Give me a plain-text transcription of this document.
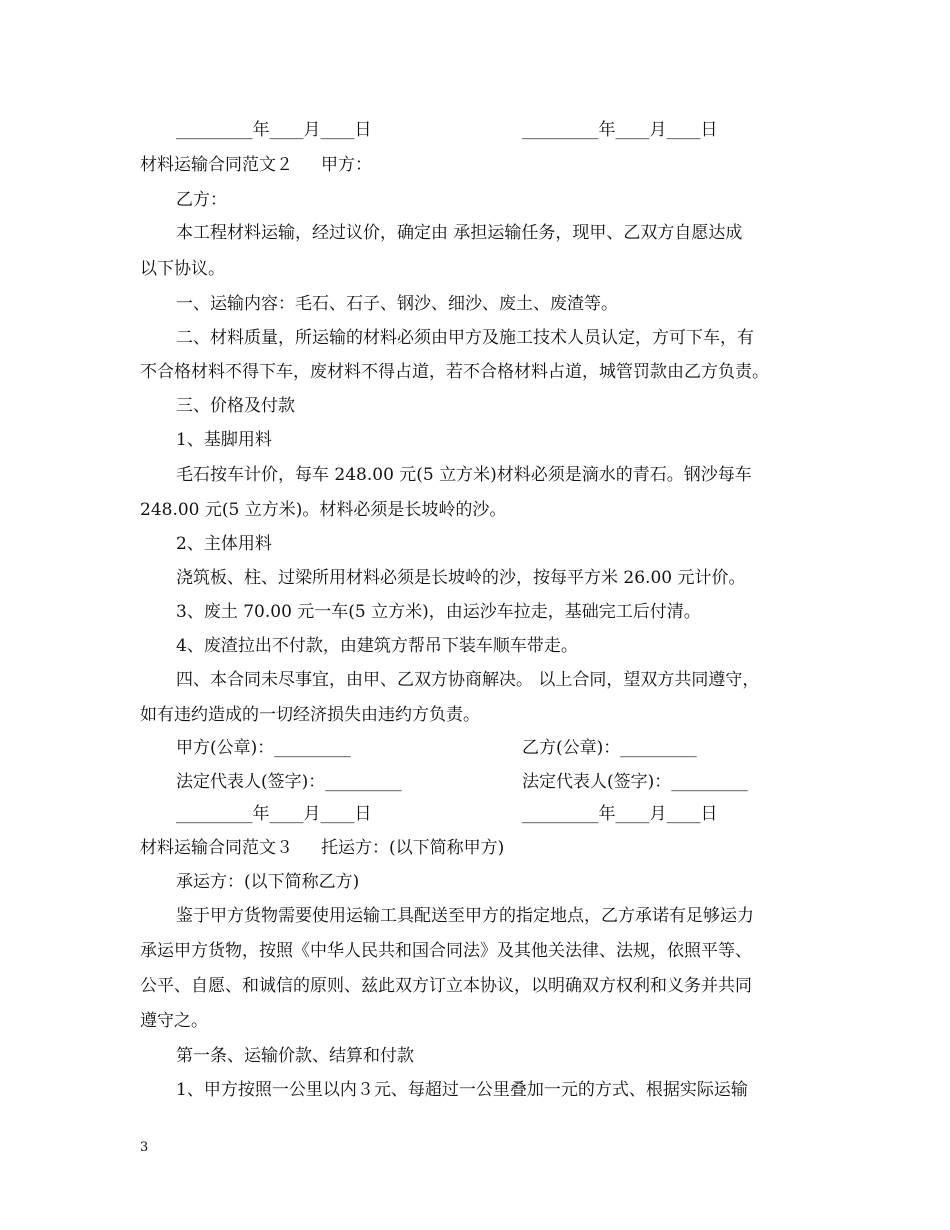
_________年____月____日	_________年____月____日
材料运输合同范文２ 甲方：
乙方：
本工程材料运输，经过议价，确定由 承担运输任务，现甲、乙双方自愿达成
以下协议。
一、运输内容：毛石、石子、钢沙、细沙、废土、废渣等。
二、材料质量，所运输的材料必须由甲方及施工技术人员认定，方可下车，有
不合格材料不得下车，废材料不得占道，若不合格材料占道，城管罚款由乙方负责。
三、价格及付款
1、基脚用料
毛石按车计价，每车 248.00 元(5 立方米)材料必须是滴水的青石。钢沙每车
248.00 元(5 立方米)。材料必须是长坡岭的沙。
2、主体用料
浇筑板、柱、过梁所用材料必须是长坡岭的沙，按每平方米 26.00 元计价。
3、废土 70.00 元一车(5 立方米)，由运沙车拉走，基础完工后付清。
4、废渣拉出不付款，由建筑方帮吊下装车顺车带走。
四、本合同未尽事宜，由甲、乙双方协商解决。 以上合同，望双方共同遵守，
如有违约造成的一切经济损失由违约方负责。
甲方(公章)：_________	乙方(公章)：_________
法定代表人(签字)：_________	法定代表人(签字)：_________
_________年____月____日	_________年____月____日
材料运输合同范文３ 托运方：(以下简称甲方)
承运方：(以下简称乙方)
鉴于甲方货物需要使用运输工具配送至甲方的指定地点，乙方承诺有足够运力
承运甲方货物，按照《中华人民共和国合同法》及其他关法律、法规，依照平等、
公平、自愿、和诚信的原则、兹此双方订立本协议，以明确双方权利和义务并共同
遵守之。
第一条、运输价款、结算和付款
1、甲方按照一公里以内３元、每超过一公里叠加一元的方式、根据实际运输
3
